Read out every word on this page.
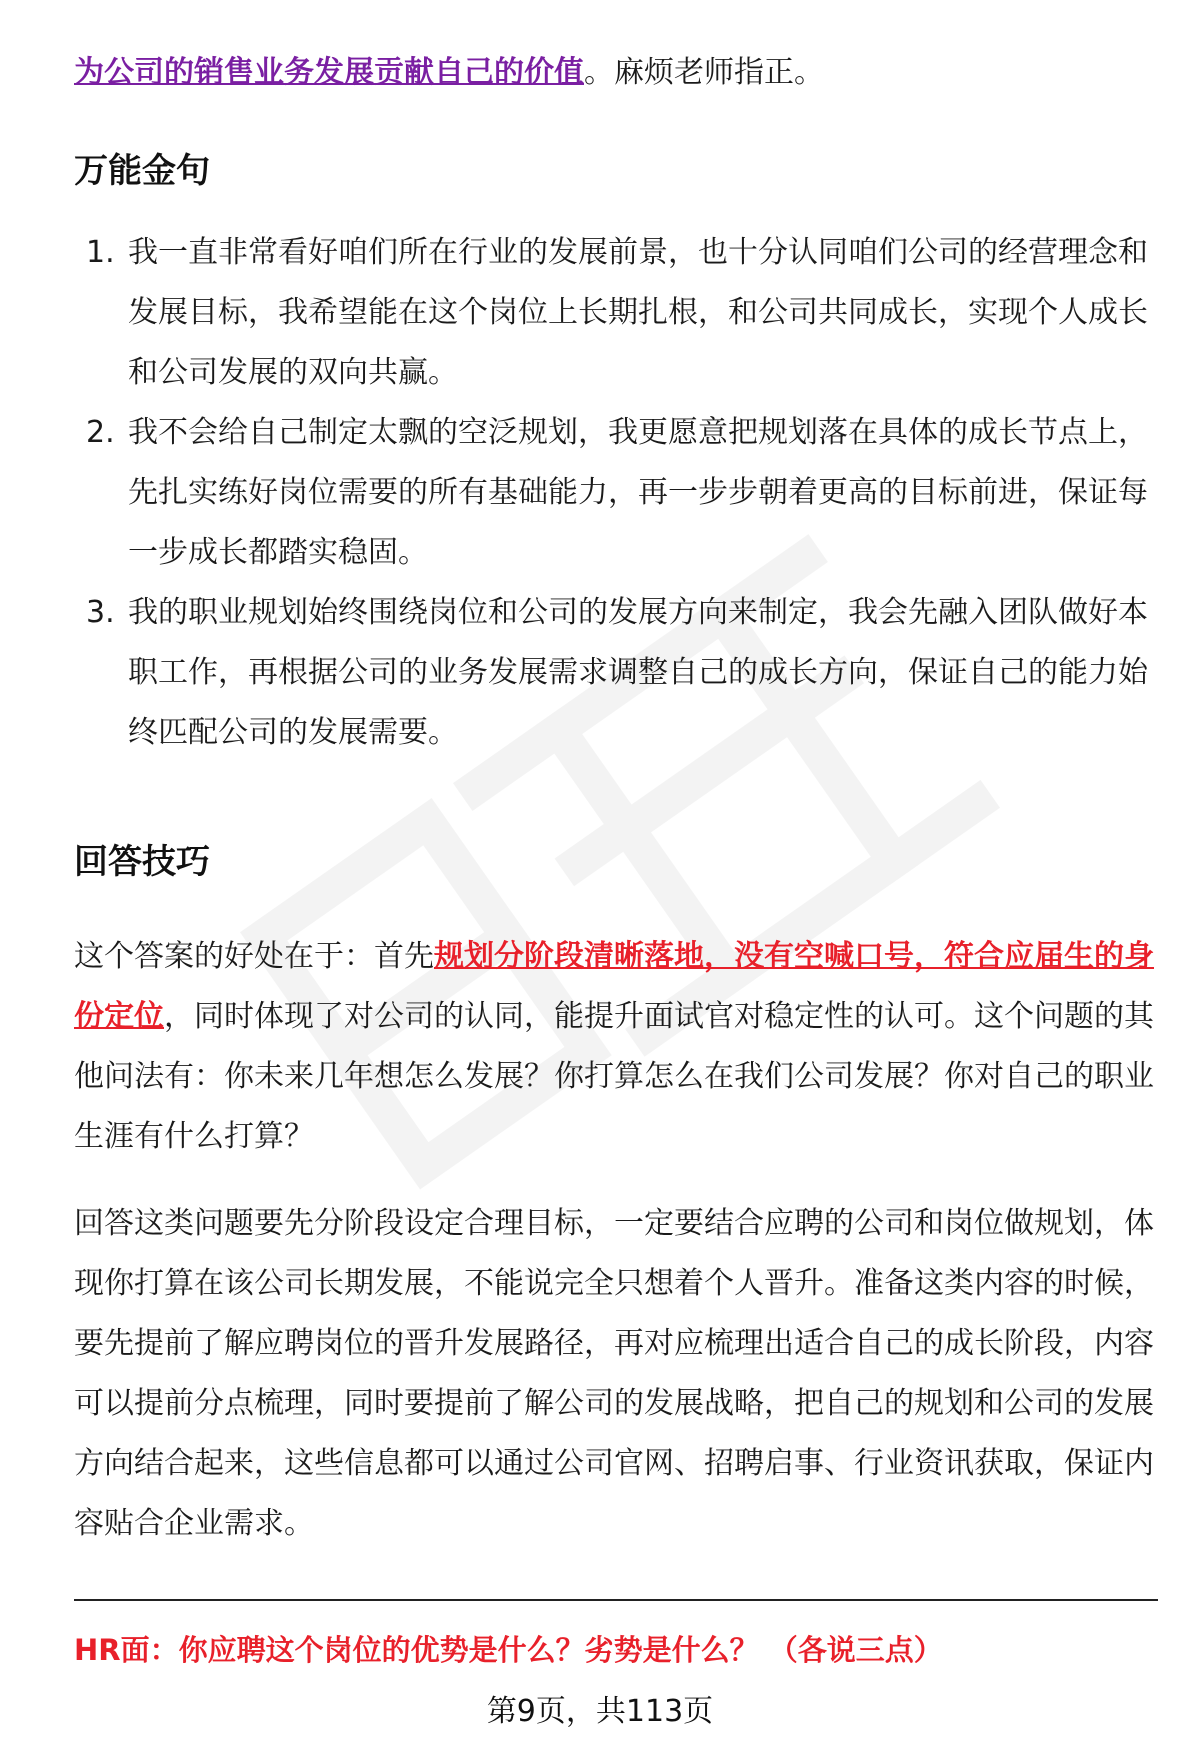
为公司的销售业务发展贡献自己的价值。麻烦老师指正。
万能金句
1. 我一直非常看好咱们所在行业的发展前景，也十分认同咱们公司的经营理念和
发展目标，我希望能在这个岗位上长期扎根，和公司共同成长，实现个人成长
和公司发展的双向共赢。
2. 我不会给自己制定太飘的空泛规划，我更愿意把规划落在具体的成长节点上，
先扎实练好岗位需要的所有基础能力，再一步步朝着更高的目标前进，保证每
一步成长都踏实稳固。
3. 我的职业规划始终围绕岗位和公司的发展方向来制定，我会先融入团队做好本
职工作，再根据公司的业务发展需求调整自己的成长方向，保证自己的能力始
终匹配公司的发展需要。
回答技巧
这个答案的好处在于：首先规划分阶段清晰落地，没有空喊口号，符合应届生的身
份定位，同时体现了对公司的认同，能提升面试官对稳定性的认可。这个问题的其
他问法有：你未来几年想怎么发展？你打算怎么在我们公司发展？你对自己的职业
生涯有什么打算？
回答这类问题要先分阶段设定合理目标，一定要结合应聘的公司和岗位做规划，体
现你打算在该公司长期发展，不能说完全只想着个人晋升。准备这类内容的时候，
要先提前了解应聘岗位的晋升发展路径，再对应梳理出适合自己的成长阶段，内容
可以提前分点梳理，同时要提前了解公司的发展战略，把自己的规划和公司的发展
方向结合起来，这些信息都可以通过公司官网、招聘启事、行业资讯获取，保证内
容贴合企业需求。
HR面：你应聘这个岗位的优势是什么？劣势是什么？ （各说三点）
第9页，共113页
